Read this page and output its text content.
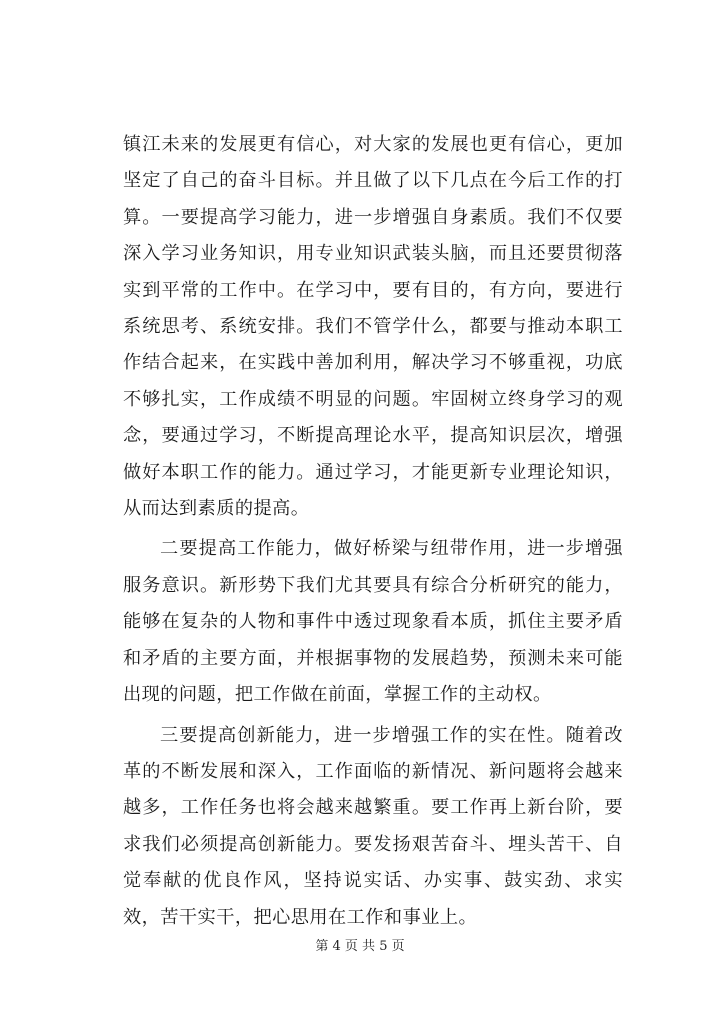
镇江未来的发展更有信心，对大家的发展也更有信心，更加坚定了自己的奋斗目标。并且做了以下几点在今后工作的打算。一要提高学习能力，进一步增强自身素质。我们不仅要深入学习业务知识，用专业知识武装头脑，而且还要贯彻落实到平常的工作中。在学习中，要有目的，有方向，要进行系统思考、系统安排。我们不管学什么，都要与推动本职工作结合起来，在实践中善加利用，解决学习不够重视，功底不够扎实，工作成绩不明显的问题。牢固树立终身学习的观念，要通过学习，不断提高理论水平，提高知识层次，增强做好本职工作的能力。通过学习，才能更新专业理论知识，从而达到素质的提高。

二要提高工作能力，做好桥梁与纽带作用，进一步增强服务意识。新形势下我们尤其要具有综合分析研究的能力，能够在复杂的人物和事件中透过现象看本质，抓住主要矛盾和矛盾的主要方面，并根据事物的发展趋势，预测未来可能出现的问题，把工作做在前面，掌握工作的主动权。

三要提高创新能力，进一步增强工作的实在性。随着改革的不断发展和深入，工作面临的新情况、新问题将会越来越多，工作任务也将会越来越繁重。要工作再上新台阶，要求我们必须提高创新能力。要发扬艰苦奋斗、埋头苦干、自觉奉献的优良作风，坚持说实话、办实事、鼓实劲、求实效，苦干实干，把心思用在工作和事业上。

第 4 页 共 5 页
